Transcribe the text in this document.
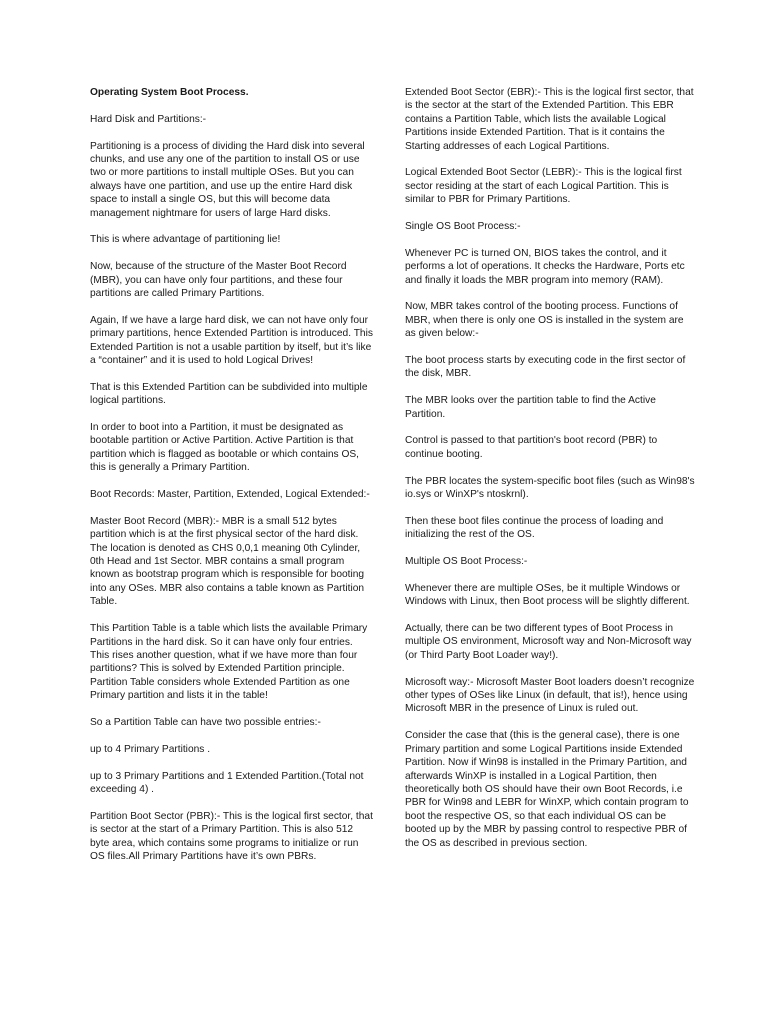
Operating System Boot Process.

Hard Disk and Partitions:-

Partitioning is a process of dividing the Hard disk into several chunks, and use any one of the partition to install OS or use two or more partitions to install multiple OSes. But you can always have one partition, and use up the entire Hard disk space to install a single OS, but this will become data management nightmare for users of large Hard disks.

This is where advantage of partitioning lie!

Now, because of the structure of the Master Boot Record (MBR), you can have only four partitions, and these four partitions are called Primary Partitions.

Again, If we have a large hard disk, we can not have only four primary partitions, hence Extended Partition is introduced. This Extended Partition is not a usable partition by itself, but it’s like a “container” and it is used to hold Logical Drives!

That is this Extended Partition can be subdivided into multiple logical partitions.

In order to boot into a Partition, it must be designated as bootable partition or Active Partition. Active Partition is that partition which is flagged as bootable or which contains OS, this is generally a Primary Partition.

Boot Records: Master, Partition, Extended, Logical Extended:-

Master Boot Record (MBR):- MBR is a small 512 bytes partition which is at the first physical sector of the hard disk. The location is denoted as CHS 0,0,1 meaning 0th Cylinder, 0th Head and 1st Sector. MBR contains a small program known as bootstrap program which is responsible for booting into any OSes. MBR also contains a table known as Partition Table.

This Partition Table is a table which lists the available Primary Partitions in the hard disk. So it can have only four entries. This rises another question, what if we have more than four partitions? This is solved by Extended Partition principle. Partition Table considers whole Extended Partition as one Primary partition and lists it in the table!

So a Partition Table can have two possible entries:-

up to 4 Primary Partitions .

up to 3 Primary Partitions and 1 Extended Partition.(Total not exceeding 4) .

Partition Boot Sector (PBR):- This is the logical first sector, that is sector at the start of a Primary Partition. This is also 512 byte area, which contains some programs to initialize or run OS files.All Primary Partitions have it’s own PBRs.

Extended Boot Sector (EBR):- This is the logical first sector, that is the sector at the start of the Extended Partition. This EBR contains a Partition Table, which lists the available Logical Partitions inside Extended Partition. That is it contains the Starting addresses of each Logical Partitions.

Logical Extended Boot Sector (LEBR):- This is the logical first sector residing at the start of each Logical Partition. This is similar to PBR for Primary Partitions.

Single OS Boot Process:-

Whenever PC is turned ON, BIOS takes the control, and it performs a lot of operations. It checks the Hardware, Ports etc and finally it loads the MBR program into memory (RAM).

Now, MBR takes control of the booting process. Functions of MBR, when there is only one OS is installed in the system are as given below:-

The boot process starts by executing code in the first sector of the disk, MBR.

The MBR looks over the partition table to find the Active Partition.

Control is passed to that partition's boot record (PBR) to continue booting.

The PBR locates the system-specific boot files (such as Win98's io.sys or WinXP's ntoskrnl).

Then these boot files continue the process of loading and initializing the rest of the OS.

Multiple OS Boot Process:-

Whenever there are multiple OSes, be it multiple Windows or Windows with Linux, then Boot process will be slightly different.

Actually, there can be two different types of Boot Process in multiple OS environment, Microsoft way and Non-Microsoft way (or Third Party Boot Loader way!).

Microsoft way:- Microsoft Master Boot loaders doesn’t recognize other types of OSes like Linux (in default, that is!), hence using Microsoft MBR in the presence of Linux is ruled out.

Consider the case that (this is the general case), there is one Primary partition and some Logical Partitions inside Extended Partition. Now if Win98 is installed in the Primary Partition, and afterwards WinXP is installed in a Logical Partition, then theoretically both OS should have their own Boot Records, i.e PBR for Win98 and LEBR for WinXP, which contain program to boot the respective OS, so that each individual OS can be booted up by the MBR by passing control to respective PBR of the OS as described in previous section.
